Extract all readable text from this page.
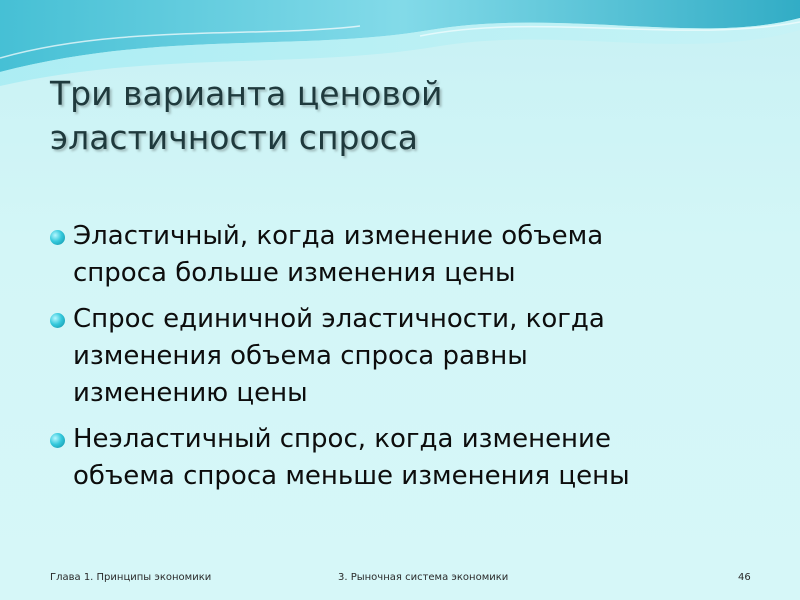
Три варианта ценовой
эластичности спроса
Эластичный, когда изменение объема
спроса больше изменения цены
Спрос единичной эластичности, когда
изменения объема спроса равны
изменению цены
Неэластичный спрос, когда изменение
объема спроса меньше изменения цены
Глава 1. Принципы экономики	3. Рыночная система экономики	46
